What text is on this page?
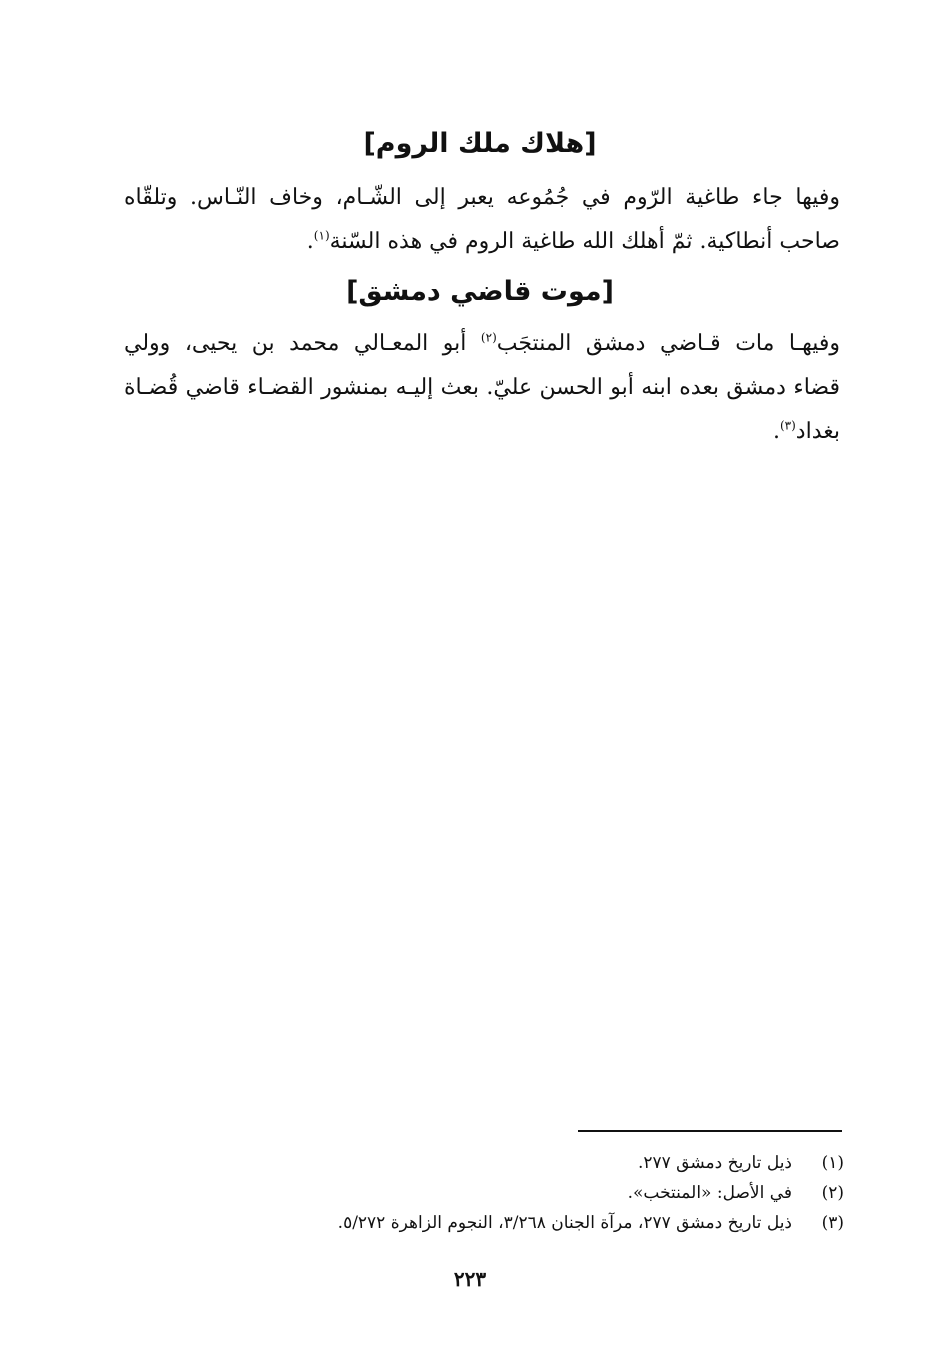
[هلاك ملك الروم]
وفيها جاء طاغية الرّوم في جُمُوعه يعبر إلى الشّـام، وخاف النّـاس. وتلقّاه
صاحب أنطاكية. ثمّ أهلك الله طاغية الروم في هذه السّنة$^{(١)}$.
[موت قاضي دمشق]
وفيهـا مات قـاضي دمشق المنتجَب$^{(٢)}$ أبو المعـالي محمد بن يحيى، وولي
قضاء دمشق بعده ابنه أبو الحسن عليّ. بعث إليـه بمنشور القضـاء قاضي قُضـاة
بغداد$^{(٣)}$.
(١)
ذيل تاريخ دمشق ٢٧٧.
(٢)
في الأصل: «المنتخب».
(٣)
ذيل تاريخ دمشق ٢٧٧، مرآة الجنان ٣/٢٦٨، النجوم الزاهرة ٥/٢٧٢.
٢٢٣
